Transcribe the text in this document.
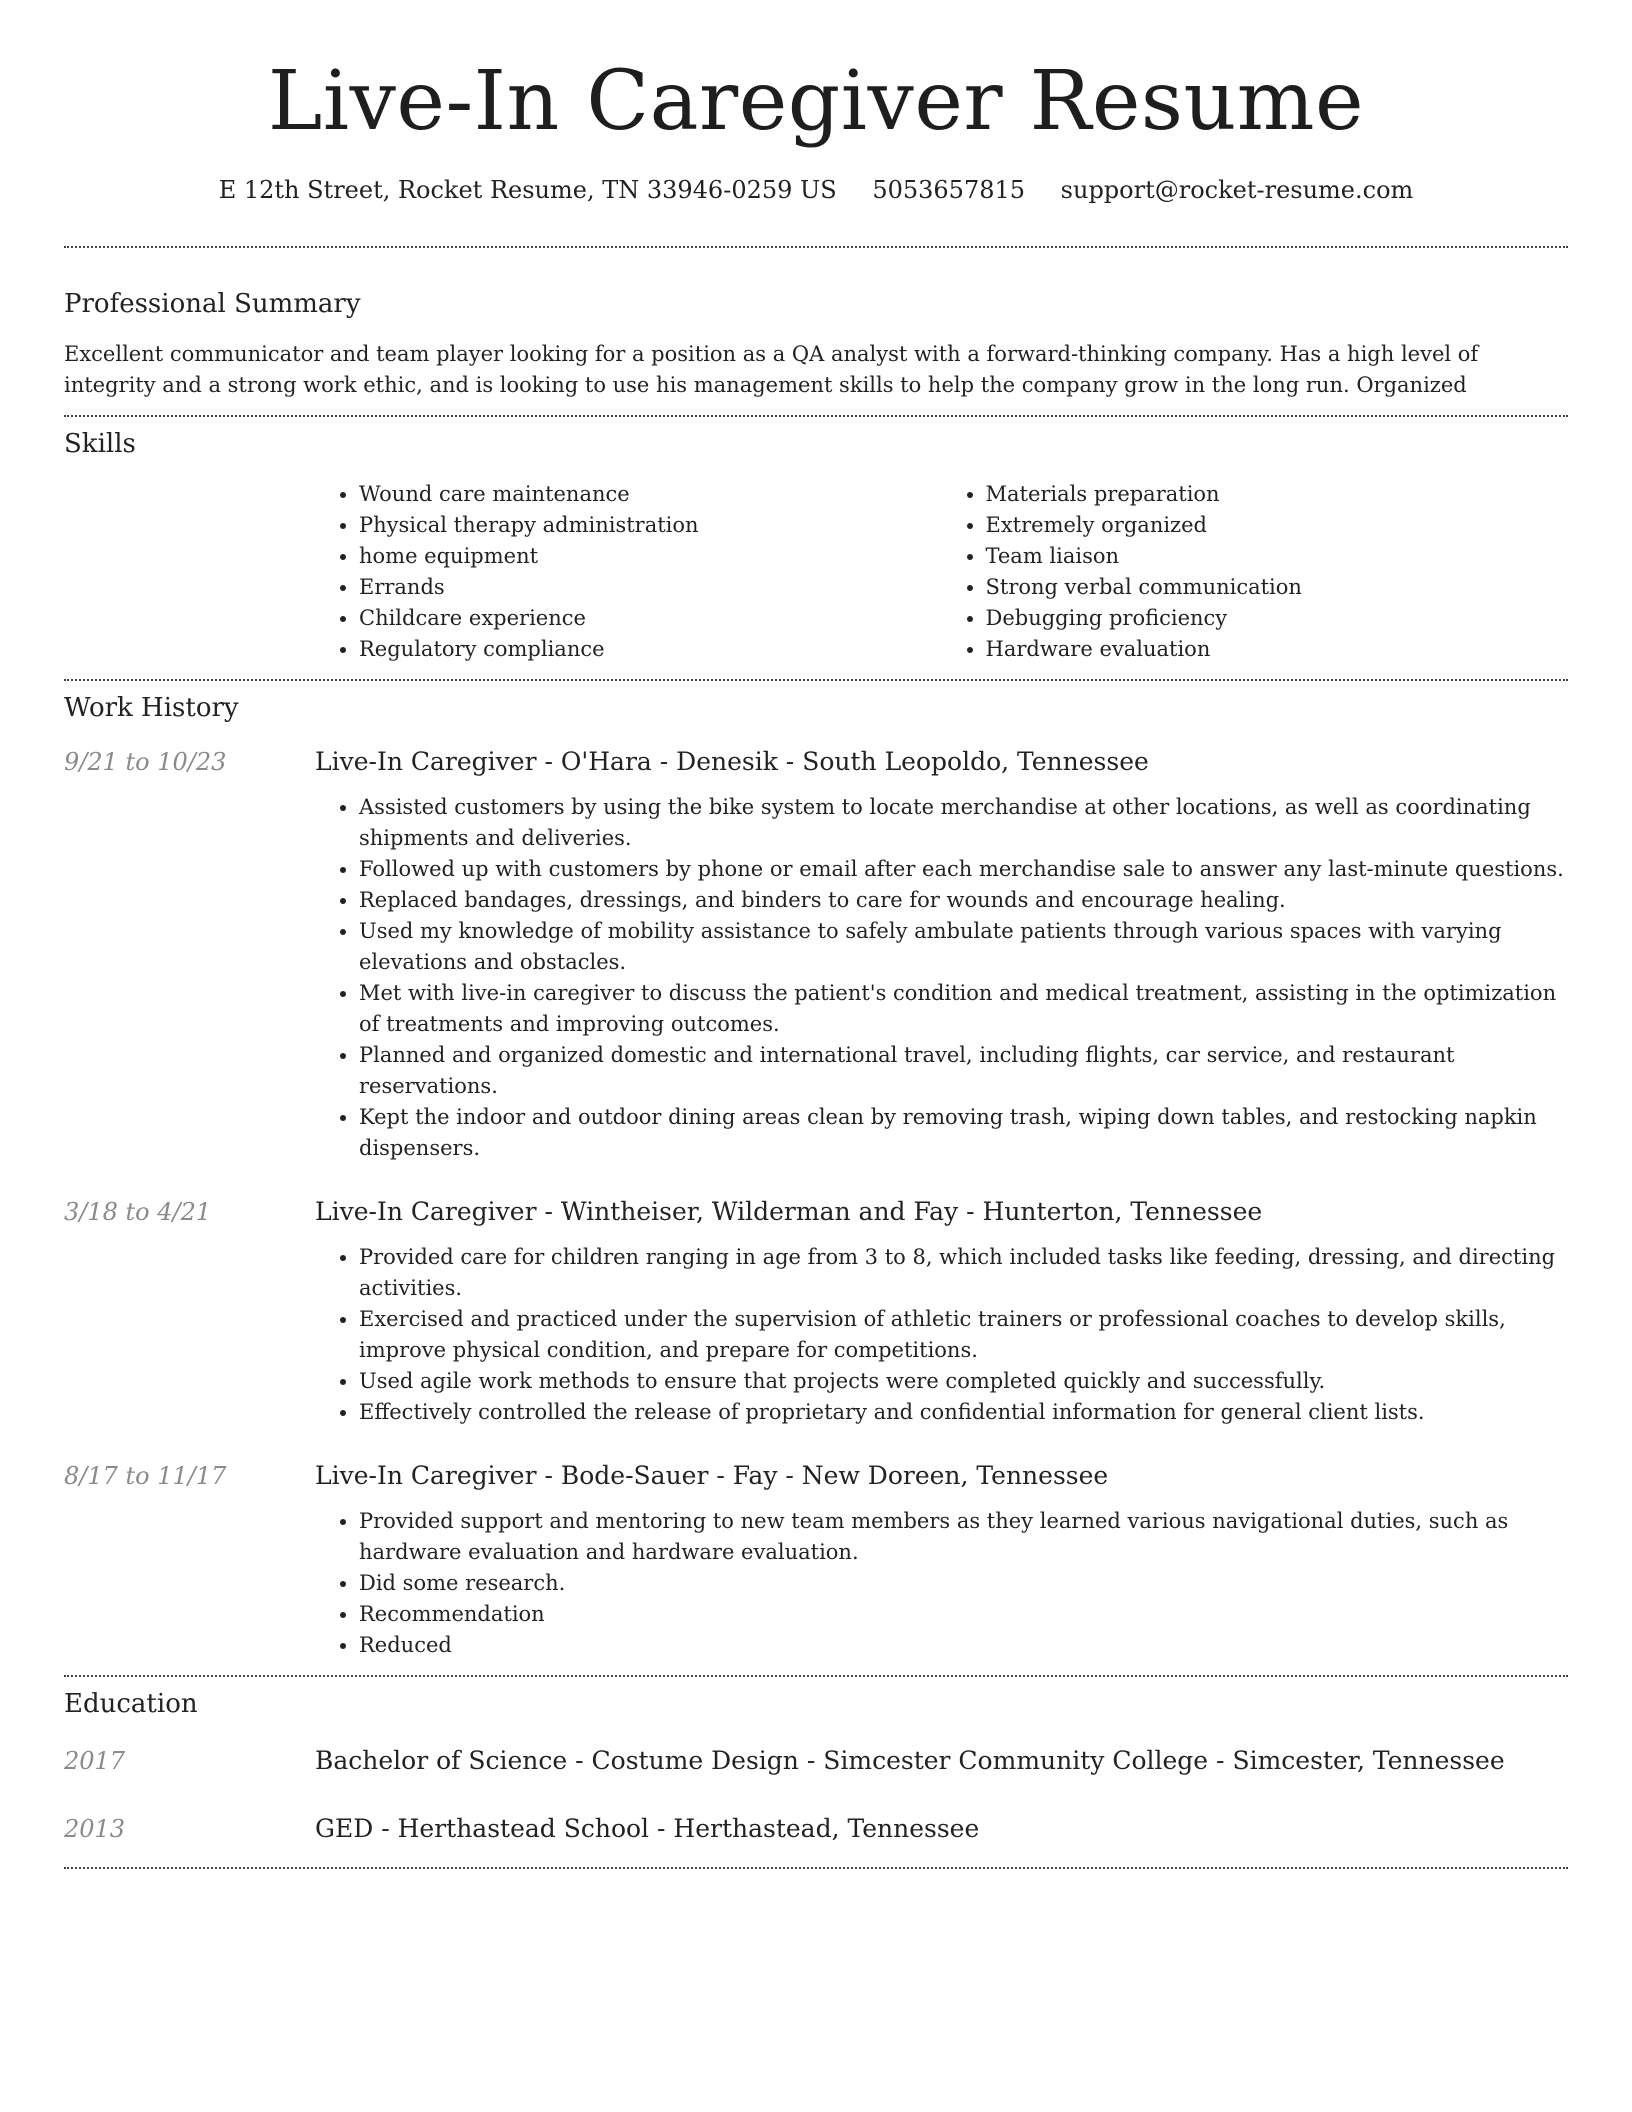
Live-In Caregiver Resume
E 12th Street, Rocket Resume, TN 33946-0259 US 5053657815 support@rocket-resume.com
Professional Summary

Excellent communicator and team player looking for a position as a QA analyst with a forward-thinking company. Has a high level of integrity and a strong work ethic, and is looking to use his management skills to help the company grow in the long run. Organized

Skills
• Wound care maintenance
• Physical therapy administration
• home equipment
• Errands
• Childcare experience
• Regulatory compliance
• Materials preparation
• Extremely organized
• Team liaison
• Strong verbal communication
• Debugging proficiency
• Hardware evaluation
Work History
9/21 to 10/23	Live-In Caregiver - O'Hara - Denesik - South Leopoldo, Tennessee

• Assisted customers by using the bike system to locate merchandise at other locations, as well as coordinating shipments and deliveries.
• Followed up with customers by phone or email after each merchandise sale to answer any last-minute questions.
• Replaced bandages, dressings, and binders to care for wounds and encourage healing.
• Used my knowledge of mobility assistance to safely ambulate patients through various spaces with varying elevations and obstacles.
• Met with live-in caregiver to discuss the patient's condition and medical treatment, assisting in the optimization of treatments and improving outcomes.
• Planned and organized domestic and international travel, including flights, car service, and restaurant reservations.
• Kept the indoor and outdoor dining areas clean by removing trash, wiping down tables, and restocking napkin dispensers.
3/18 to 4/21	Live-In Caregiver - Wintheiser, Wilderman and Fay - Hunterton, Tennessee

• Provided care for children ranging in age from 3 to 8, which included tasks like feeding, dressing, and directing activities.
• Exercised and practiced under the supervision of athletic trainers or professional coaches to develop skills, improve physical condition, and prepare for competitions.
• Used agile work methods to ensure that projects were completed quickly and successfully.
• Effectively controlled the release of proprietary and confidential information for general client lists.
8/17 to 11/17	Live-In Caregiver - Bode-Sauer - Fay - New Doreen, Tennessee

• Provided support and mentoring to new team members as they learned various navigational duties, such as hardware evaluation and hardware evaluation.
• Did some research.
• Recommendation
• Reduced
Education
2017	Bachelor of Science - Costume Design - Simcester Community College - Simcester, Tennessee
2013	GED - Herthastead School - Herthastead, Tennessee
